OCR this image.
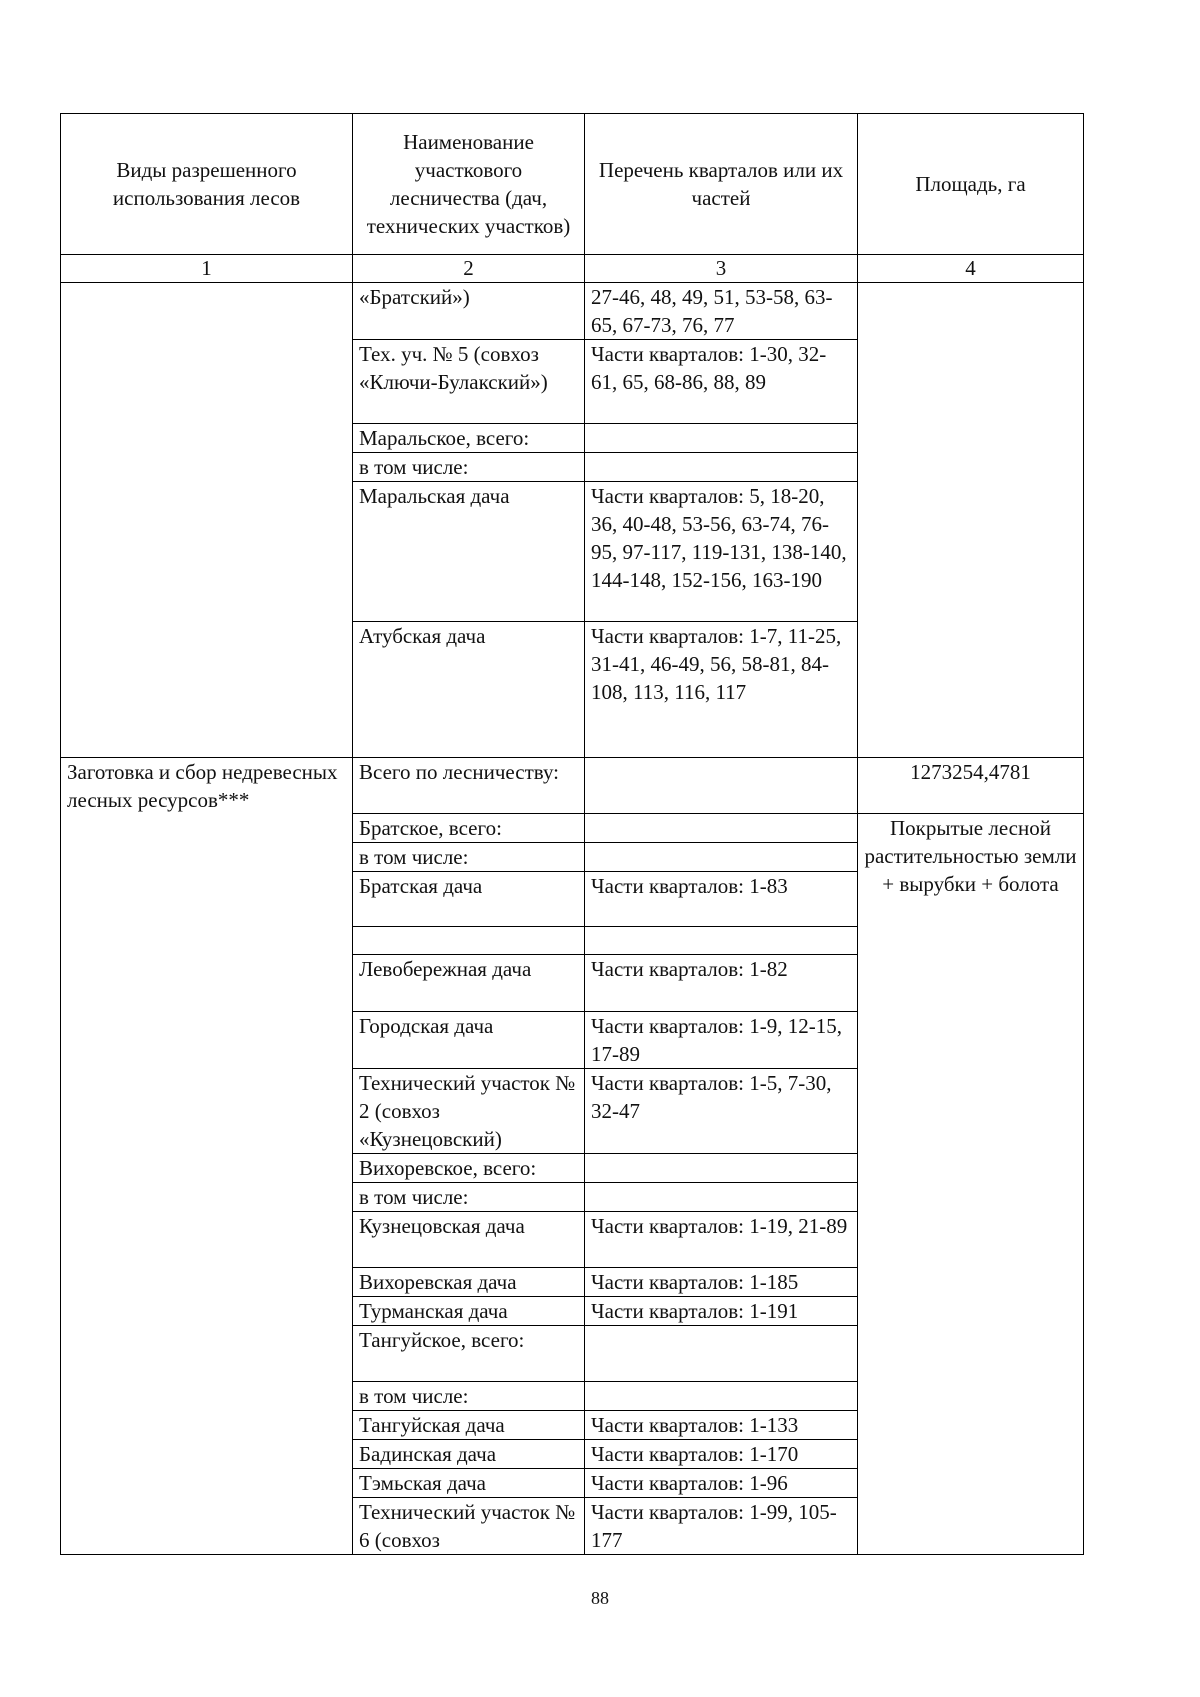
Виды разрешенного использования лесов	Наименование участкового лесничества (дач, технических участков)	Перечень кварталов или их частей	Площадь, га
1	2	3	4
	«Братский»)	27-46, 48, 49, 51, 53-58, 63-65, 67-73, 76, 77	
	Тех. уч. № 5 (совхоз «Ключи-Булакский»)	Части кварталов: 1-30, 32-61, 65, 68-86, 88, 89	
	Маральское, всего:		
	в том числе:		
	Маральская дача	Части кварталов: 5, 18-20, 36, 40-48, 53-56, 63-74, 76-95, 97-117, 119-131, 138-140, 144-148, 152-156, 163-190	
	Атубская дача	Части кварталов: 1-7, 11-25, 31-41, 46-49, 56, 58-81, 84-108, 113, 116, 117	
Заготовка и сбор недревесных лесных ресурсов***	Всего по лесничеству:		1273254,4781
	Братское, всего:		Покрытые лесной растительностью земли + вырубки + болота
	в том числе:		
	Братская дача	Части кварталов: 1-83	

	Левобережная дача	Части кварталов: 1-82	
	Городская дача	Части кварталов: 1-9, 12-15, 17-89	
	Технический участок № 2 (совхоз «Кузнецовский)	Части кварталов: 1-5, 7-30, 32-47	
	Вихоревское, всего:		
	в том числе:		
	Кузнецовская дача	Части кварталов: 1-19, 21-89	
	Вихоревская дача	Части кварталов: 1-185	
	Турманская дача	Части кварталов: 1-191	
	Тангуйское, всего:		
	в том числе:		
	Тангуйская дача	Части кварталов: 1-133	
	Бадинская дача	Части кварталов: 1-170	
	Тэмьская дача	Части кварталов: 1-96	
	Технический участок № 6 (совхоз	Части кварталов: 1-99, 105-177	
88
